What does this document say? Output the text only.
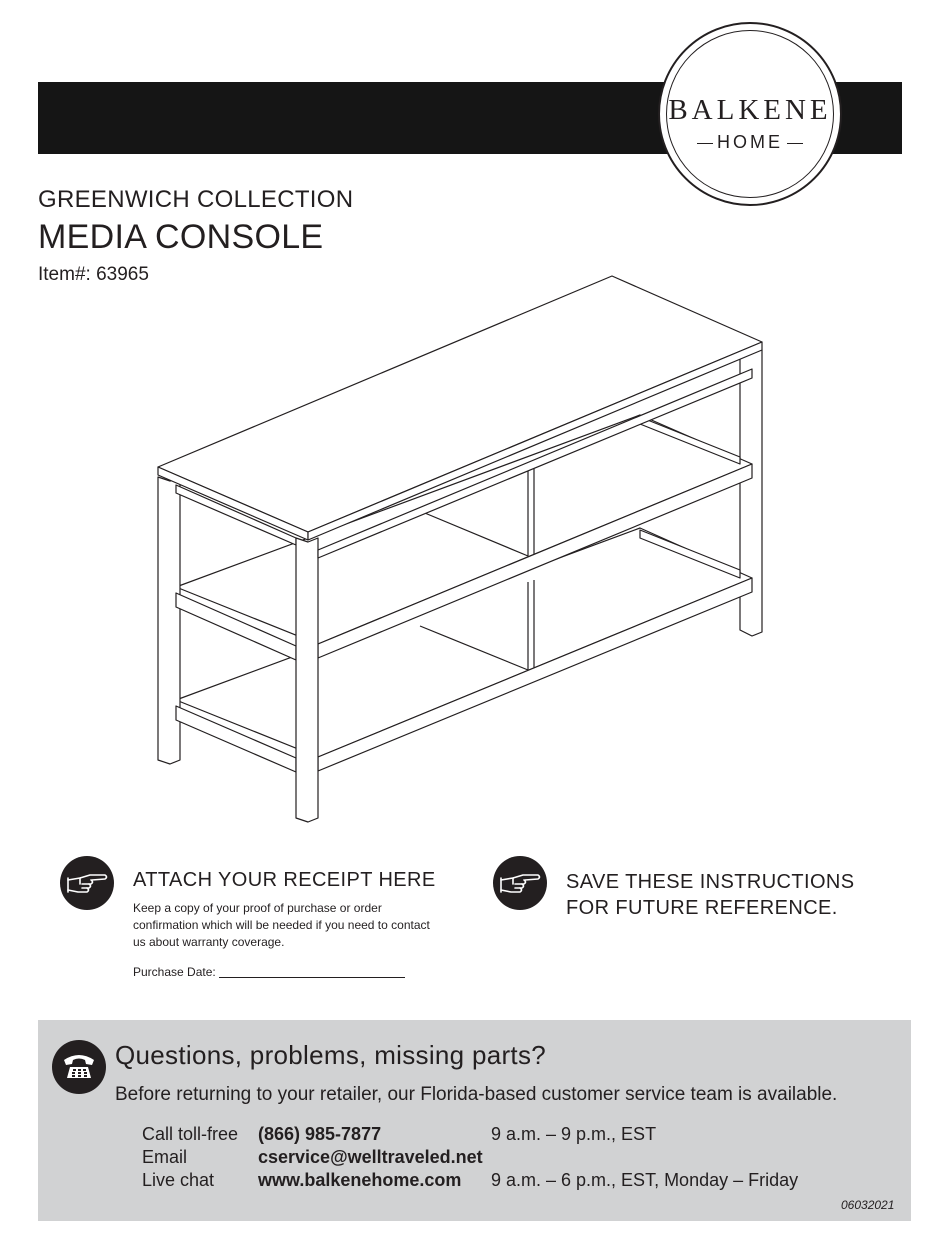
BALKENE
HOME
GREENWICH COLLECTION
MEDIA CONSOLE
Item#: 63965
ATTACH YOUR RECEIPT HERE
Keep a copy of your proof of purchase or order confirmation which will be needed if you need to contact us about warranty coverage.
Purchase Date:
SAVE THESE INSTRUCTIONS
FOR FUTURE REFERENCE.
Questions, problems, missing parts?
Before returning to your retailer, our Florida-based customer service team is available.
Call toll-free (866) 985-7877	9 a.m. – 9 p.m., EST
Email	cservice@welltraveled.net
Live chat www.balkenehome.com 9 a.m. – 6 p.m., EST, Monday – Friday
06032021
